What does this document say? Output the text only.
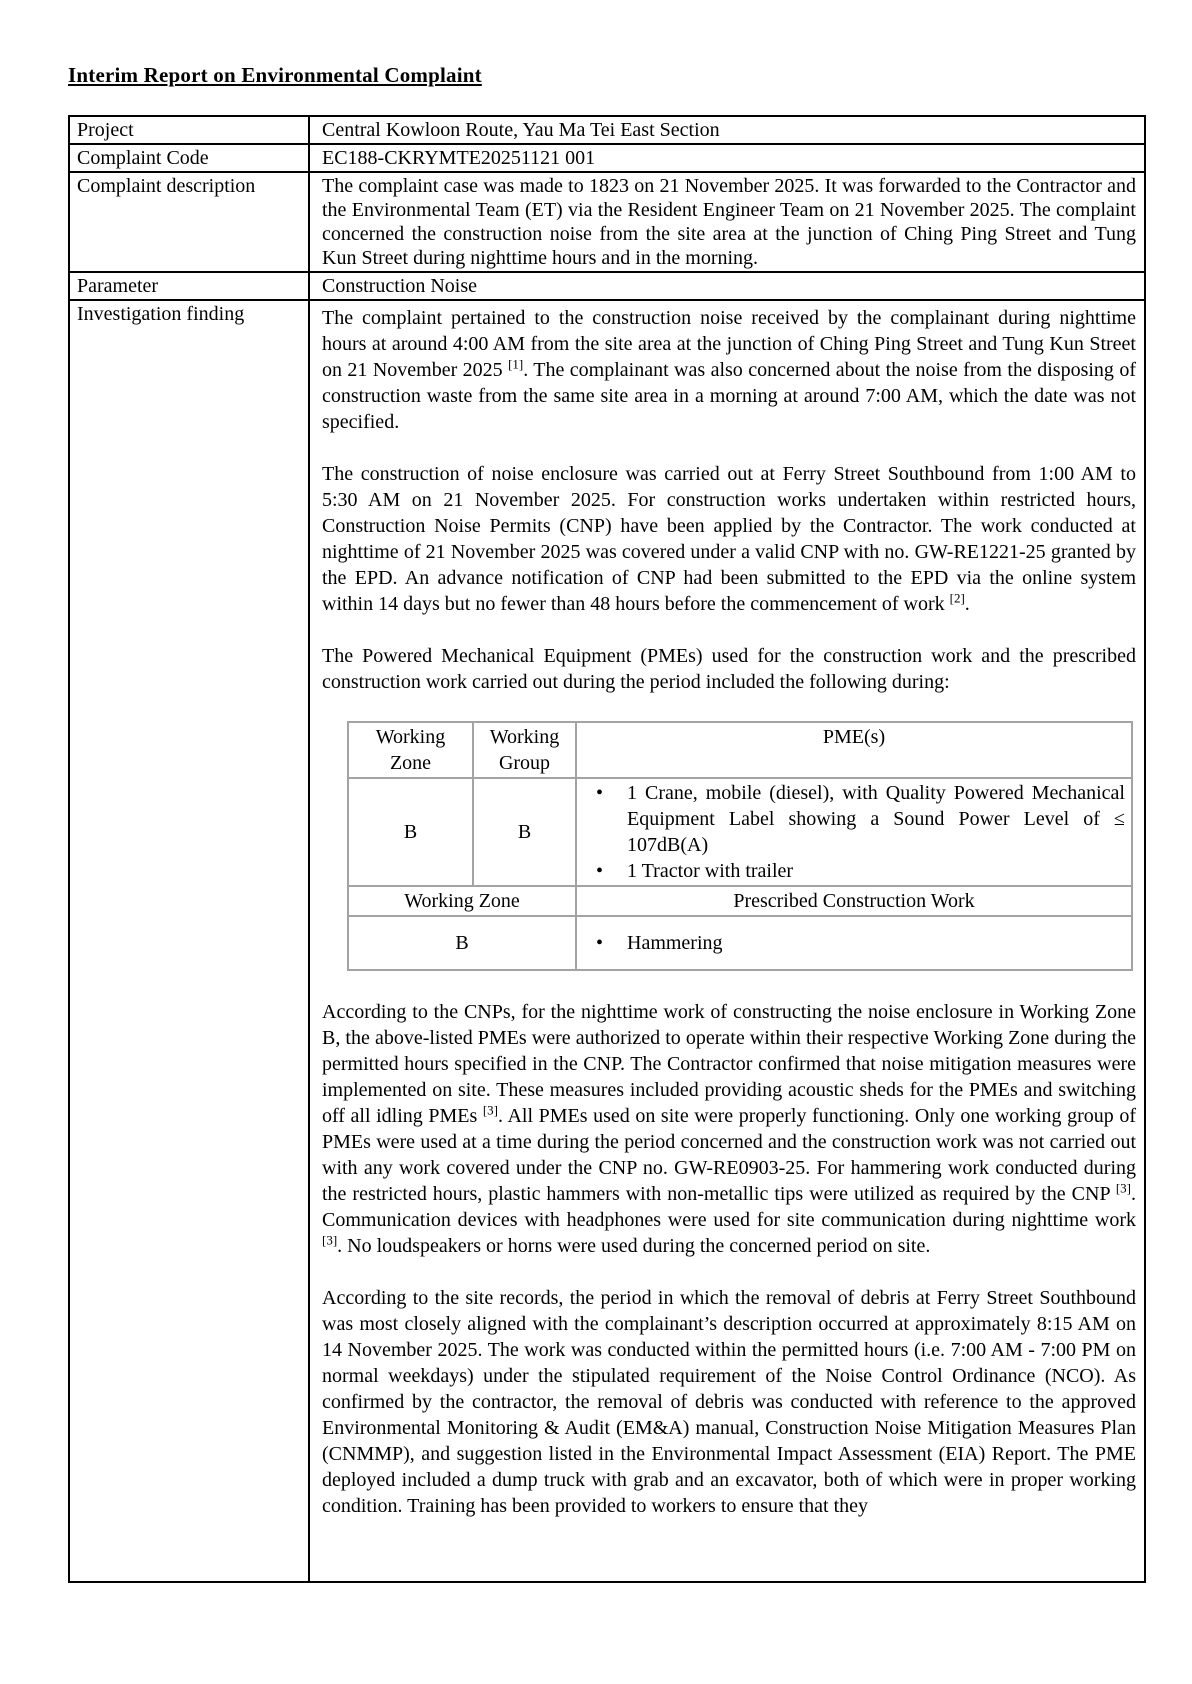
Interim Report on Environmental Complaint
Project	Central Kowloon Route, Yau Ma Tei East Section
Complaint Code	EC188-CKRYMTE20251121 001
Complaint description	The complaint case was made to 1823 on 21 November 2025. It was forwarded to the Contractor and the Environmental Team (ET) via the Resident Engineer Team on 21 November 2025. The complaint concerned the construction noise from the site area at the junction of Ching Ping Street and Tung Kun Street during nighttime hours and in the morning.
Parameter	Construction Noise
Investigation finding	The complaint pertained to the construction noise received by the complainant during nighttime hours at around 4:00 AM from the site area at the junction of Ching Ping Street and Tung Kun Street on 21 November 2025 [1]. The complainant was also concerned about the noise from the disposing of construction waste from the same site area in a morning at around 7:00 AM, which the date was not specified.

The construction of noise enclosure was carried out at Ferry Street Southbound from 1:00 AM to 5:30 AM on 21 November 2025. For construction works undertaken within restricted hours, Construction Noise Permits (CNP) have been applied by the Contractor. The work conducted at nighttime of 21 November 2025 was covered under a valid CNP with no. GW-RE1221-25 granted by the EPD. An advance notification of CNP had been submitted to the EPD via the online system within 14 days but no fewer than 48 hours before the commencement of work [2].

The Powered Mechanical Equipment (PMEs) used for the construction work and the prescribed construction work carried out during the period included the following during:

Working Zone	Working Group	PME(s)
B	B	
•	1 Crane, mobile (diesel), with Quality Powered Mechanical Equipment Label showing a Sound Power Level of ≤ 107dB(A)
•	1 Tractor with trailer

Working Zone	Prescribed Construction Work
B	•	Hammering

According to the CNPs, for the nighttime work of constructing the noise enclosure in Working Zone B, the above-listed PMEs were authorized to operate within their respective Working Zone during the permitted hours specified in the CNP. The Contractor confirmed that noise mitigation measures were implemented on site. These measures included providing acoustic sheds for the PMEs and switching off all idling PMEs [3]. All PMEs used on site were properly functioning. Only one working group of PMEs were used at a time during the period concerned and the construction work was not carried out with any work covered under the CNP no. GW-RE0903-25. For hammering work conducted during the restricted hours, plastic hammers with non-metallic tips were utilized as required by the CNP [3]. Communication devices with headphones were used for site communication during nighttime work [3]. No loudspeakers or horns were used during the concerned period on site.

According to the site records, the period in which the removal of debris at Ferry Street Southbound was most closely aligned with the complainant’s description occurred at approximately 8:15 AM on 14 November 2025. The work was conducted within the permitted hours (i.e. 7:00 AM - 7:00 PM on normal weekdays) under the stipulated requirement of the Noise Control Ordinance (NCO). As confirmed by the contractor, the removal of debris was conducted with reference to the approved Environmental Monitoring & Audit (EM&A) manual, Construction Noise Mitigation Measures Plan (CNMMP), and suggestion listed in the Environmental Impact Assessment (EIA) Report. The PME deployed included a dump truck with grab and an excavator, both of which were in proper working condition. Training has been provided to workers to ensure that they
